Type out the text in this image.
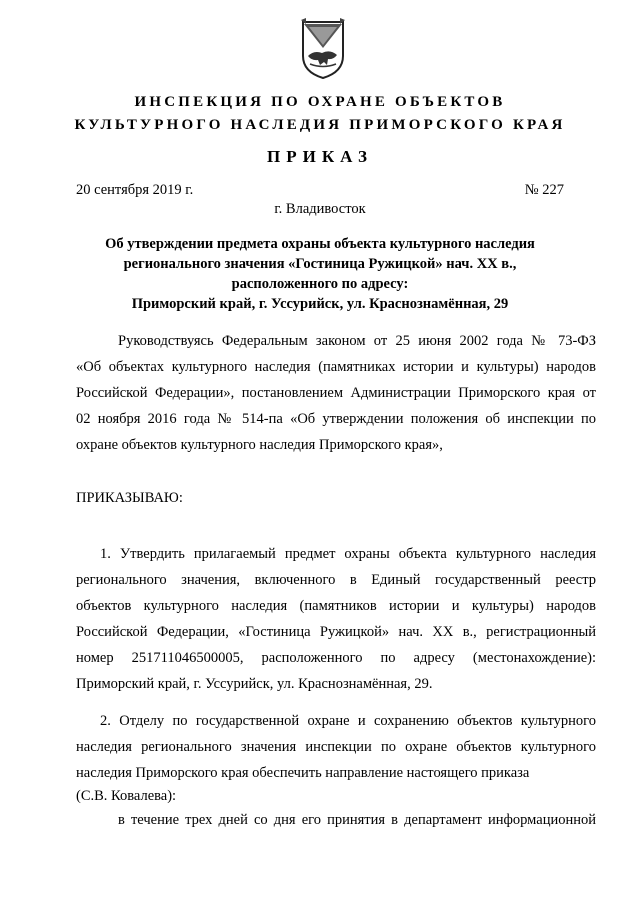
ИНСПЕКЦИЯ ПО ОХРАНЕ ОБЪЕКТОВ
КУЛЬТУРНОГО НАСЛЕДИЯ ПРИМОРСКОГО КРАЯ
ПРИКАЗ
20 сентября 2019 г.	№ 227
г. Владивосток
Об утверждении предмета охраны объекта культурного наследия
регионального значения «Гостиница Ружицкой» нач. XX в.,
расположенного по адресу:
Приморский край, г. Уссурийск, ул. Краснознамённая, 29
Руководствуясь Федеральным законом от 25 июня 2002 года № 73-ФЗ
«Об объектах культурного наследия (памятниках истории и культуры) народов
Российской Федерации», постановлением Администрации Приморского края от
02 ноября 2016 года № 514-па «Об утверждении положения об инспекции по
охране объектов культурного наследия Приморского края»,
ПРИКАЗЫВАЮ:
1. Утвердить прилагаемый предмет охраны объекта культурного наследия
регионального значения, включенного в Единый государственный реестр
объектов культурного наследия (памятников истории и культуры) народов
Российской Федерации, «Гостиница Ружицкой» нач. XX в., регистрационный
номер 251711046500005, расположенного по адресу (местонахождение):
Приморский край, г. Уссурийск, ул. Краснознамённая, 29.
2. Отделу по государственной охране и сохранению объектов культурного
наследия регионального значения инспекции по охране объектов культурного
наследия Приморского края обеспечить направление настоящего приказа
(С.В. Ковалева):
в течение трех дней со дня его принятия в департамент информационной
